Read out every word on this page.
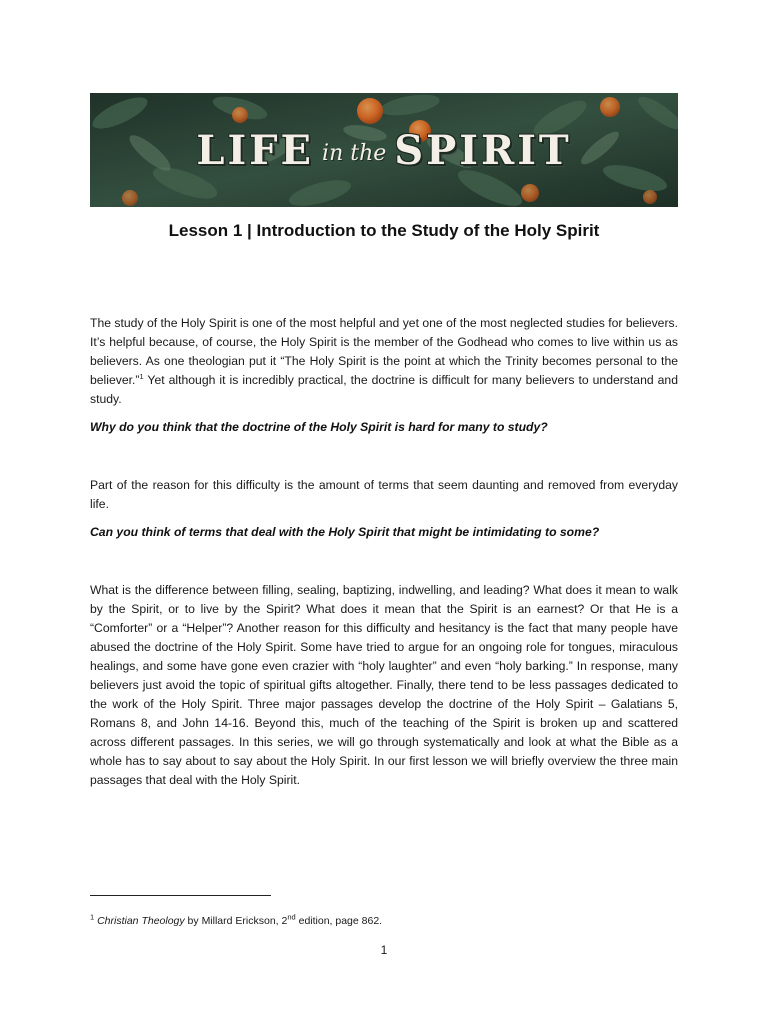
LIFE in the SPIRIT
Lesson 1 | Introduction to the Study of the Holy Spirit

The study of the Holy Spirit is one of the most helpful and yet one of the most neglected studies for believers. It’s helpful because, of course, the Holy Spirit is the member of the Godhead who comes to live within us as believers. As one theologian put it “The Holy Spirit is the point at which the Trinity becomes personal to the believer.”$^1$ Yet although it is incredibly practical, the doctrine is difficult for many believers to understand and study.

Why do you think that the doctrine of the Holy Spirit is hard for many to study?

Part of the reason for this difficulty is the amount of terms that seem daunting and removed from everyday life.

Can you think of terms that deal with the Holy Spirit that might be intimidating to some?

What is the difference between filling, sealing, baptizing, indwelling, and leading? What does it mean to walk by the Spirit, or to live by the Spirit? What does it mean that the Spirit is an earnest? Or that He is a “Comforter” or a “Helper”? Another reason for this difficulty and hesitancy is the fact that many people have abused the doctrine of the Holy Spirit. Some have tried to argue for an ongoing role for tongues, miraculous healings, and some have gone even crazier with “holy laughter” and even “holy barking.” In response, many believers just avoid the topic of spiritual gifts altogether. Finally, there tend to be less passages dedicated to the work of the Holy Spirit. Three major passages develop the doctrine of the Holy Spirit – Galatians 5, Romans 8, and John 14-16. Beyond this, much of the teaching of the Spirit is broken up and scattered across different passages. In this series, we will go through systematically and look at what the Bible as a whole has to say about to say about the Holy Spirit. In our first lesson we will briefly overview the three main passages that deal with the Holy Spirit.

$^1$ Christian Theology by Millard Erickson, 2nd edition, page 862.
1
